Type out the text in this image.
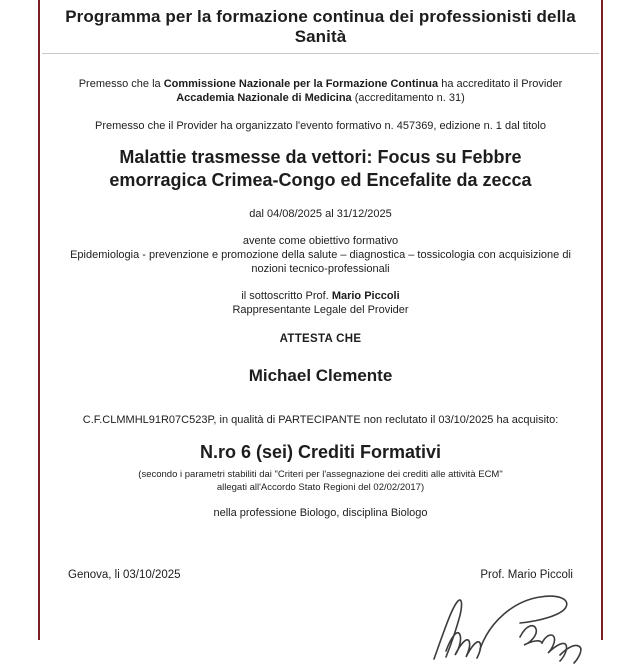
Programma per la formazione continua dei professionisti della Sanità
Premesso che la Commissione Nazionale per la Formazione Continua ha accreditato il Provider
Accademia Nazionale di Medicina (accreditamento n. 31)
Premesso che il Provider ha organizzato l'evento formativo n. 457369, edizione n. 1 dal titolo
Malattie trasmesse da vettori: Focus su Febbre
emorragica Crimea-Congo ed Encefalite da zecca
dal 04/08/2025 al 31/12/2025
avente come obiettivo formativo
Epidemiologia - prevenzione e promozione della salute – diagnostica – tossicologia con acquisizione di
nozioni tecnico-professionali
il sottoscritto Prof. Mario Piccoli
Rappresentante Legale del Provider
ATTESTA CHE
Michael Clemente
C.F.CLMMHL91R07C523P, in qualità di PARTECIPANTE non reclutato il 03/10/2025 ha acquisito:
N.ro 6 (sei) Crediti Formativi
(secondo i parametri stabiliti dai "Criteri per l'assegnazione dei crediti alle attività ECM"
allegati all'Accordo Stato Regioni del 02/02/2017)
nella professione Biologo, disciplina Biologo
Genova, li 03/10/2025	Prof. Mario Piccoli
